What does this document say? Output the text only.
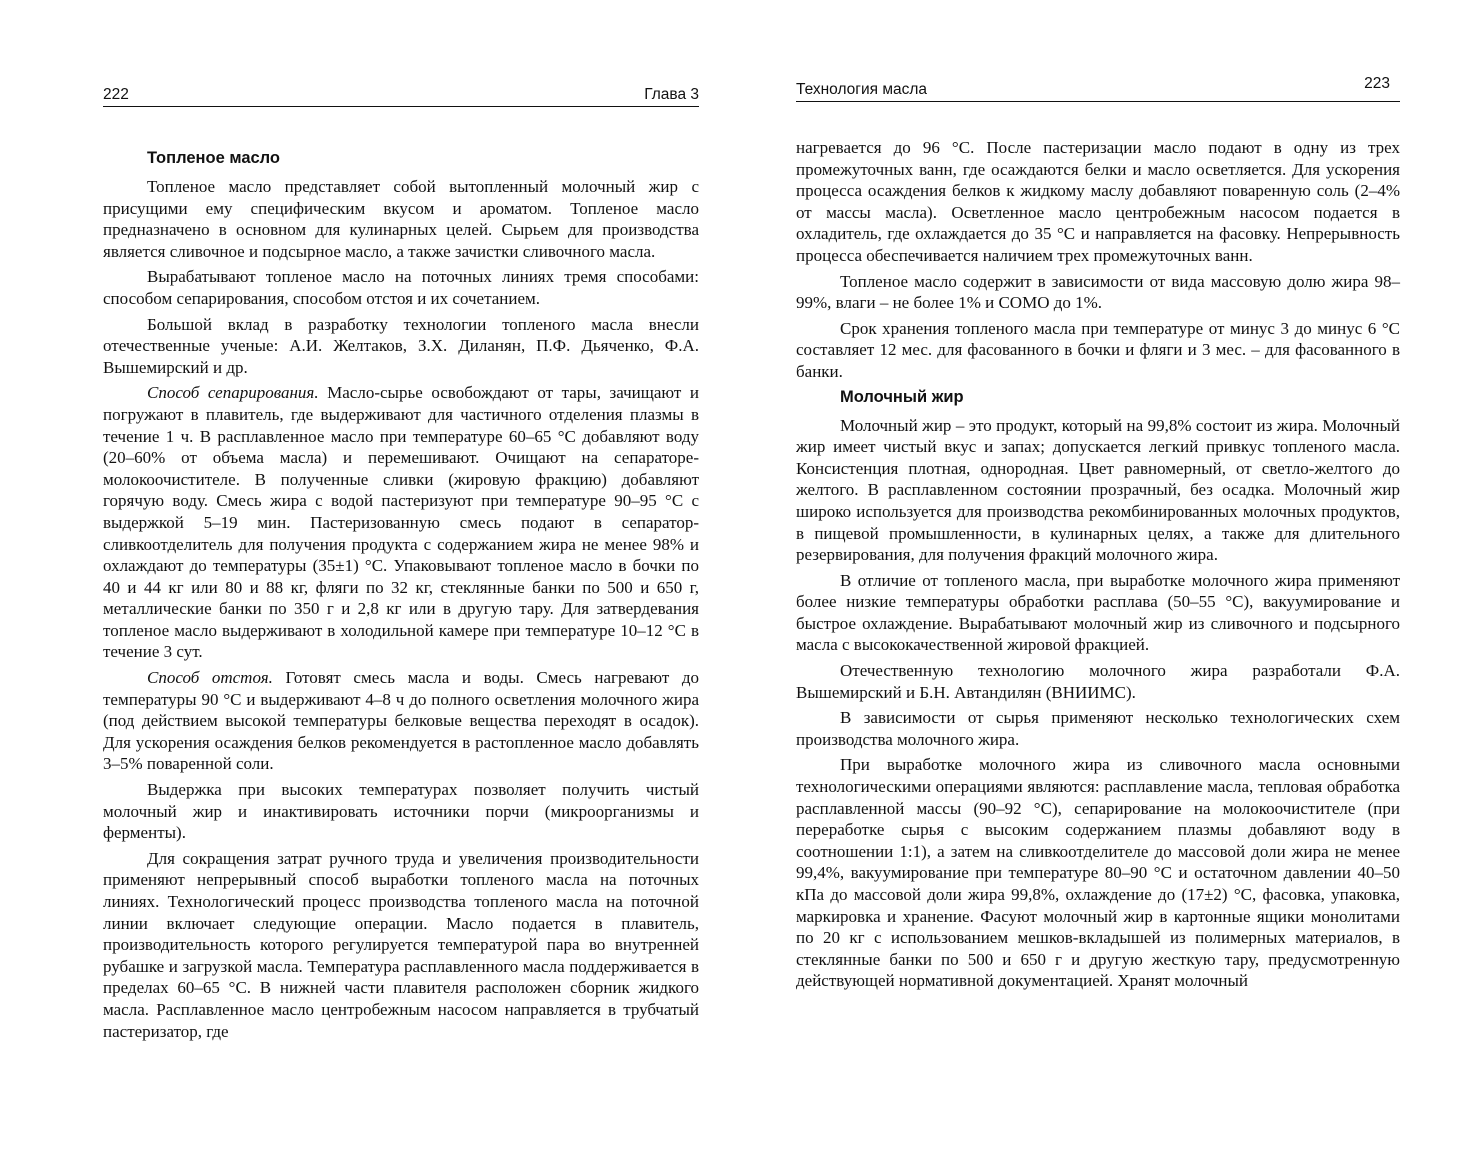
222	Глава 3
Топленое масло

Топленое масло представляет собой вытопленный молочный жир с присущими ему специфическим вкусом и ароматом. Топленое масло предназначено в основном для кулинарных целей. Сырьем для производства является сливочное и подсырное масло, а также зачистки сливочного масла.

Вырабатывают топленое масло на поточных линиях тремя способами: способом сепарирования, способом отстоя и их сочетанием.

Большой вклад в разработку технологии топленого масла внесли отечественные ученые: А.И. Желтаков, З.Х. Диланян, П.Ф. Дьяченко, Ф.А. Вышемирский и др.

Способ сепарирования. Масло-сырье освобождают от тары, зачищают и погружают в плавитель, где выдерживают для частичного отделения плазмы в течение 1 ч. В расплавленное масло при температуре 60–65 °С добавляют воду (20–60% от объема масла) и перемешивают. Очищают на сепараторе-молокоочистителе. В полученные сливки (жировую фракцию) добавляют горячую воду. Смесь жира с водой пастеризуют при температуре 90–95 °С с выдержкой 5–19 мин. Пастеризованную смесь подают в сепаратор-сливкоотделитель для получения продукта с содержанием жира не менее 98% и охлаждают до температуры (35±1) °С. Упаковывают топленое масло в бочки по 40 и 44 кг или 80 и 88 кг, фляги по 32 кг, стеклянные банки по 500 и 650 г, металлические банки по 350 г и 2,8 кг или в другую тару. Для затвердевания топленое масло выдерживают в холодильной камере при температуре 10–12 °С в течение 3 сут.

Способ отстоя. Готовят смесь масла и воды. Смесь нагревают до температуры 90 °С и выдерживают 4–8 ч до полного осветления молочного жира (под действием высокой температуры белковые вещества переходят в осадок). Для ускорения осаждения белков рекомендуется в растопленное масло добавлять 3–5% поваренной соли.

Выдержка при высоких температурах позволяет получить чистый молочный жир и инактивировать источники порчи (микроорганизмы и ферменты).

Для сокращения затрат ручного труда и увеличения производительности применяют непрерывный способ выработки топленого масла на поточных линиях. Технологический процесс производства топленого масла на поточной линии включает следующие операции. Масло подается в плавитель, производительность которого регулируется температурой пара во внутренней рубашке и загрузкой масла. Температура расплавленного масла поддерживается в пределах 60–65 °С. В нижней части плавителя расположен сборник жидкого масла. Расплавленное масло центробежным насосом направляется в трубчатый пастеризатор, где

Технология масла	223

нагревается до 96 °С. После пастеризации масло подают в одну из трех промежуточных ванн, где осаждаются белки и масло осветляется. Для ускорения процесса осаждения белков к жидкому маслу добавляют поваренную соль (2–4% от массы масла). Осветленное масло центробежным насосом подается в охладитель, где охлаждается до 35 °С и направляется на фасовку. Непрерывность процесса обеспечивается наличием трех промежуточных ванн.

Топленое масло содержит в зависимости от вида массовую долю жира 98–99%, влаги – не более 1% и СОМО до 1%.

Срок хранения топленого масла при температуре от минус 3 до минус 6 °С составляет 12 мес. для фасованного в бочки и фляги и 3 мес. – для фасованного в банки.

Молочный жир

Молочный жир – это продукт, который на 99,8% состоит из жира. Молочный жир имеет чистый вкус и запах; допускается легкий привкус топленого масла. Консистенция плотная, однородная. Цвет равномерный, от светло-желтого до желтого. В расплавленном состоянии прозрачный, без осадка. Молочный жир широко используется для производства рекомбинированных молочных продуктов, в пищевой промышленности, в кулинарных целях, а также для длительного резервирования, для получения фракций молочного жира.

В отличие от топленого масла, при выработке молочного жира применяют более низкие температуры обработки расплава (50–55 °С), вакуумирование и быстрое охлаждение. Вырабатывают молочный жир из сливочного и подсырного масла с высококачественной жировой фракцией.

Отечественную технологию молочного жира разработали Ф.А. Вышемирский и Б.Н. Автандилян (ВНИИМС).

В зависимости от сырья применяют несколько технологических схем производства молочного жира.

При выработке молочного жира из сливочного масла основными технологическими операциями являются: расплавление масла, тепловая обработка расплавленной массы (90–92 °С), сепарирование на молокоочистителе (при переработке сырья с высоким содержанием плазмы добавляют воду в соотношении 1:1), а затем на сливкоотделителе до массовой доли жира не менее 99,4%, вакуумирование при температуре 80–90 °С и остаточном давлении 40–50 кПа до массовой доли жира 99,8%, охлаждение до (17±2) °С, фасовка, упаковка, маркировка и хранение. Фасуют молочный жир в картонные ящики монолитами по 20 кг с использованием мешков-вкладышей из полимерных материалов, в стеклянные банки по 500 и 650 г и другую жесткую тару, предусмотренную действующей нормативной документацией. Хранят молочный
